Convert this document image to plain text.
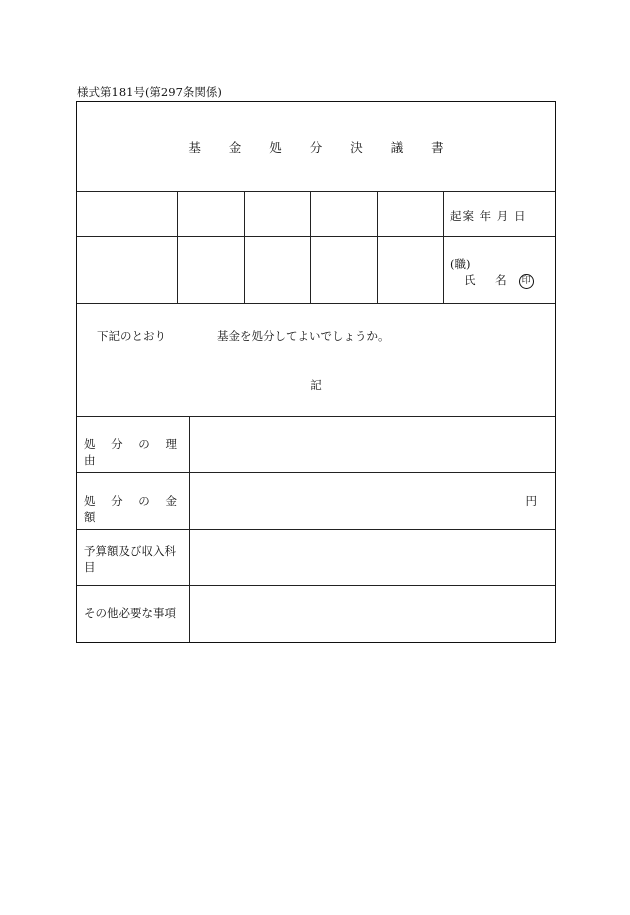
様式第181号(第297条関係)
基 金 処 分 決 議 書
起案 年 月 日
(職)
氏 名 印
下記のとおり	基金を処分してよいでしょうか。
記
処 分 の 理 由
処 分 の 金 額
円
予算額及び収入科目
その他必要な事項
